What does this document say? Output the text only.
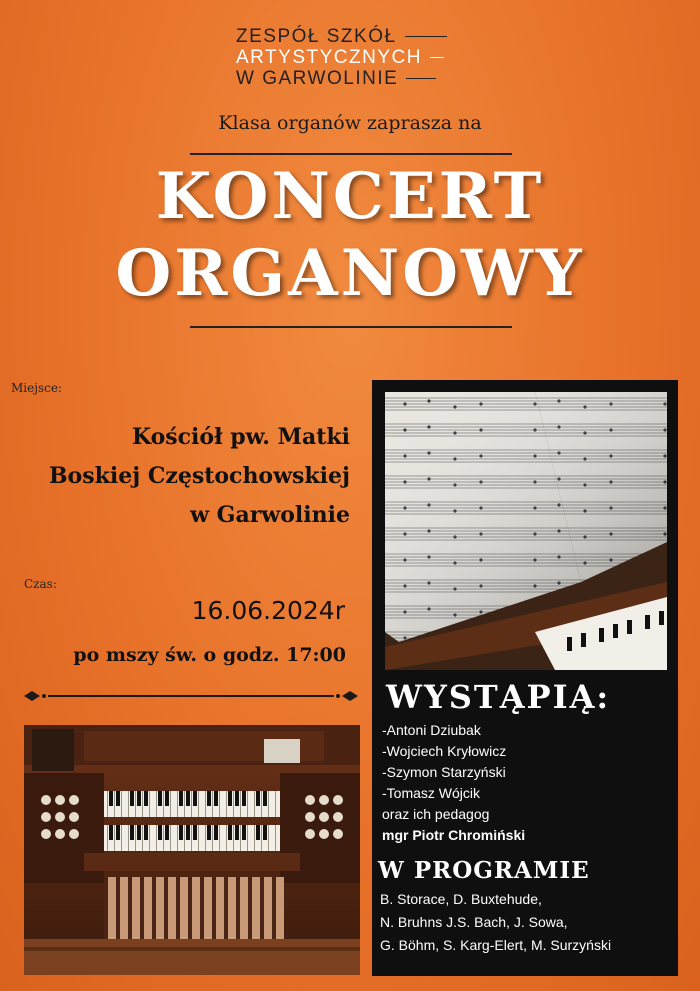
ZESPÓŁ SZKÓŁ
ARTYSTYCZNYCH
W GARWOLINIE
Klasa organów zaprasza na
KONCERT
ORGANOWY
Miejsce:
Kościół pw. Matki
Boskiej Częstochowskiej
w Garwolinie
Czas:
16.06.2024r
po mszy św. o godz. 17:00
WYSTĄPIĄ:
-Antoni Dziubak
-Wojciech Kryłowicz
-Szymon Starzyński
-Tomasz Wójcik
oraz ich pedagog
mgr Piotr Chromiński
W PROGRAMIE
B. Storace, D. Buxtehude,
N. Bruhns J.S. Bach, J. Sowa,
G. Böhm, S. Karg-Elert, M. Surzyński
